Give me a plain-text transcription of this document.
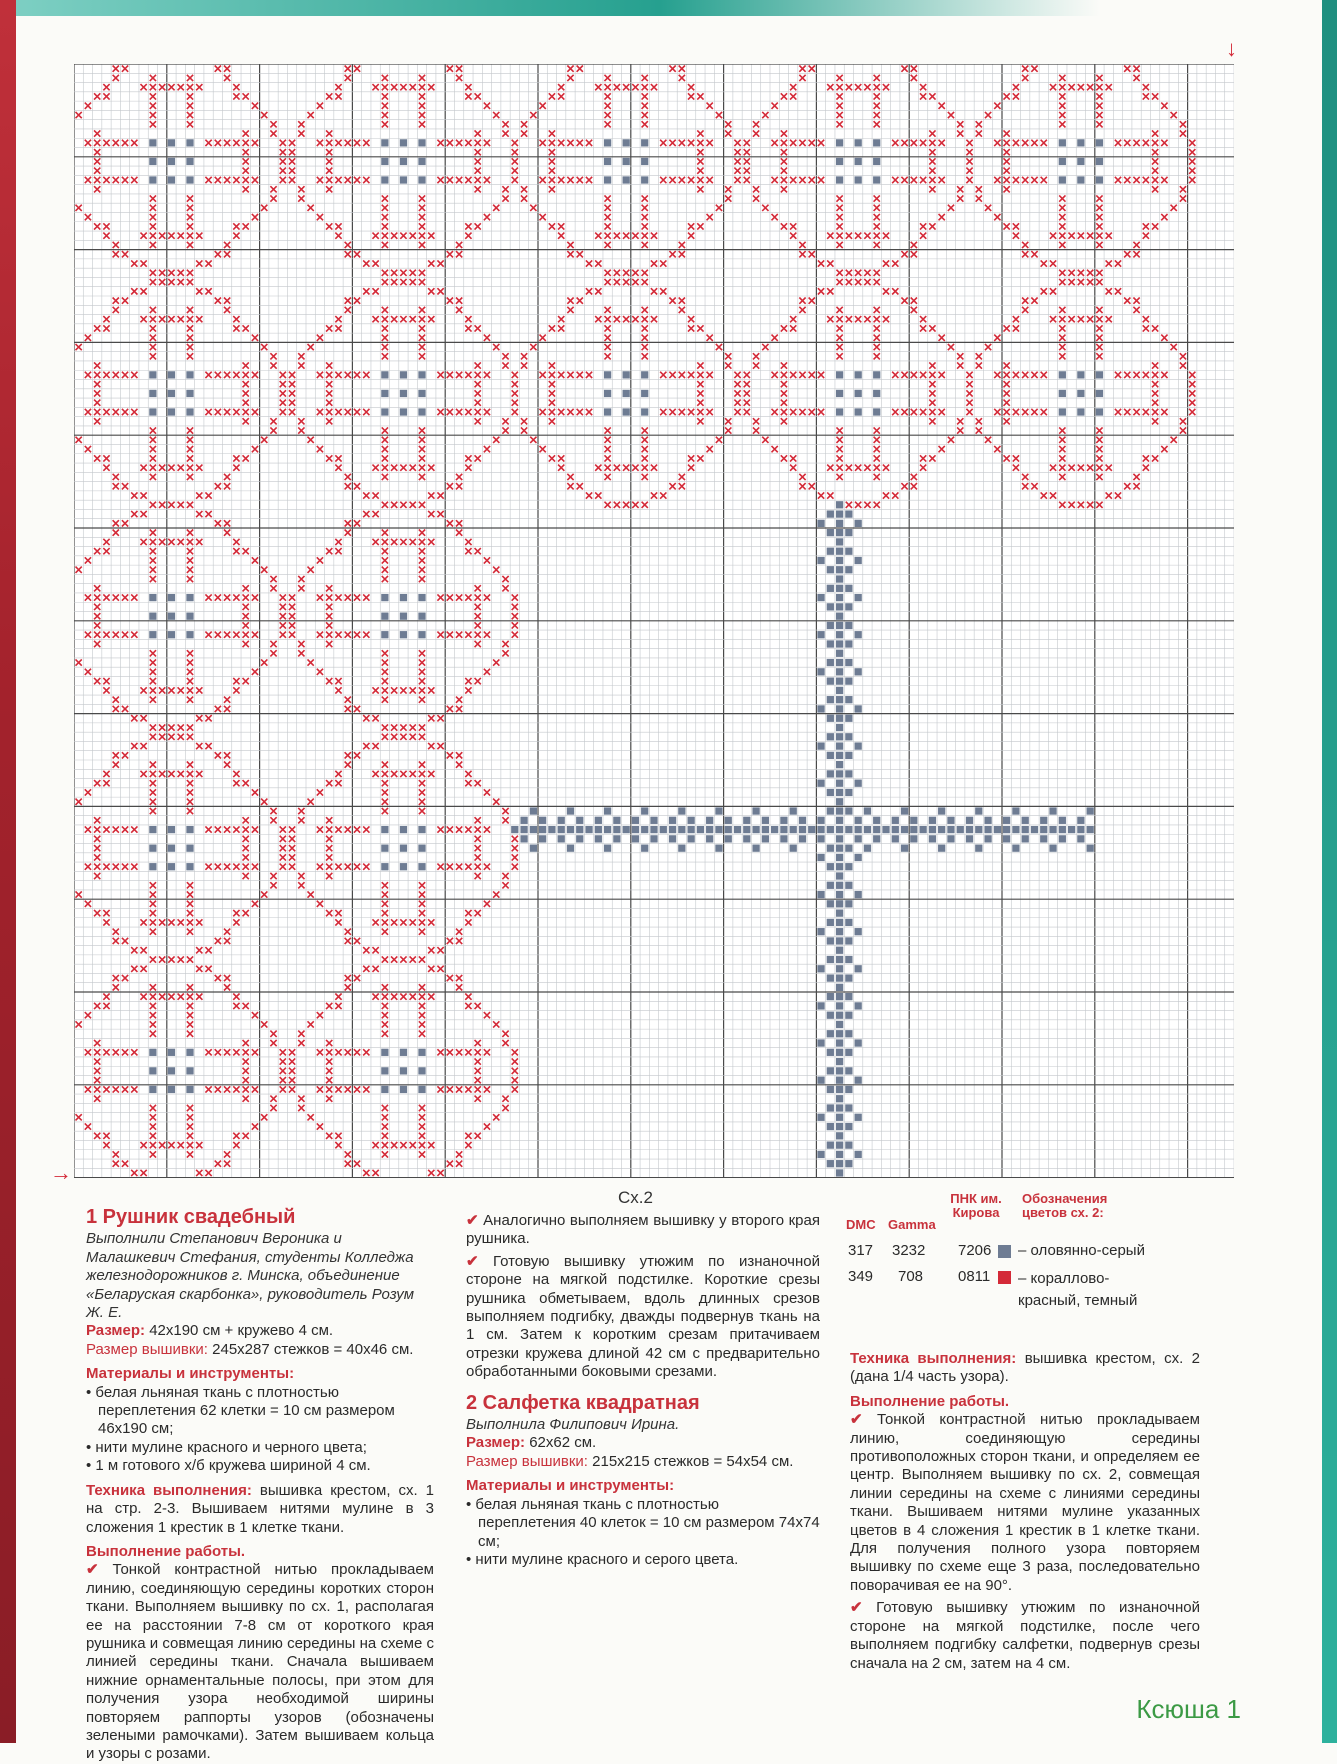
↓
→
Сх.2

1 Рушник свадебный

Выполнили Степанович Вероника и Малашкевич Стефания, студенты Колледжа железнодорожников г. Минска, объединение «Беларуская скарбонка», руководитель Розум Ж. Е.

Размер: 42х190 см + кружево 4 см.

Размер вышивки: 245х287 стежков = 40х46 см.

Материалы и инструменты:

• белая льняная ткань с плотностью переплетения 62 клетки = 10 см размером 46х190 см;

• нити мулине красного и черного цвета;

• 1 м готового х/б кружева шириной 4 см.

Техника выполнения: вышивка крестом, сх. 1 на стр. 2-3. Вышиваем нитями мулине в 3 сложения 1 крестик в 1 клетке ткани.

Выполнение работы.

✔ Тонкой контрастной нитью прокладываем линию, соединяющую середины коротких сторон ткани. Выполняем вышивку по сх. 1, располагая ее на расстоянии 7-8 см от короткого края рушника и совмещая линию середины на схеме с линией середины ткани. Сначала вышиваем нижние орнаментальные полосы, при этом для получения узора необходимой ширины повторяем раппорты узоров (обозначены зелеными рамочками). Затем вышиваем кольца и узоры с розами.

✔ Аналогично выполняем вышивку у второго края рушника.

✔ Готовую вышивку утюжим по изнаночной стороне на мягкой подстилке. Короткие срезы рушника обметываем, вдоль длинных срезов выполняем подгибку, дважды подвернув ткань на 1 см. Затем к коротким срезам притачиваем отрезки кружева длиной 42 см с предварительно обработанными боковыми срезами.

2 Салфетка квадратная

Выполнила Филипович Ирина.

Размер: 62х62 см.

Размер вышивки: 215х215 стежков = 54х54 см.

Материалы и инструменты:

• белая льняная ткань с плотностью переплетения 40 клеток = 10 см размером 74х74 см;

• нити мулине красного и серого цвета.

DMC Gamma
ПНК им. Кирова
Обозначения цветов сх. 2:
317 3232 7206 – оловянно-серый
349 708 0811 – кораллово-красный, темный

Техника выполнения: вышивка крестом, сх. 2 (дана 1/4 часть узора).

Выполнение работы.

✔ Тонкой контрастной нитью прокладываем линию, соединяющую середины противоположных сторон ткани, и определяем ее центр. Выполняем вышивку по сх. 2, совмещая линии середины на схеме с линиями середины ткани. Вышиваем нитями мулине указанных цветов в 4 сложения 1 крестик в 1 клетке ткани. Для получения полного узора повторяем вышивку по схеме еще 3 раза, последовательно поворачивая ее на 90°.

✔ Готовую вышивку утюжим по изнаночной стороне на мягкой подстилке, после чего выполняем подгибку салфетки, подвернув срезы сначала на 2 см, затем на 4 см.

Ксюша 1
